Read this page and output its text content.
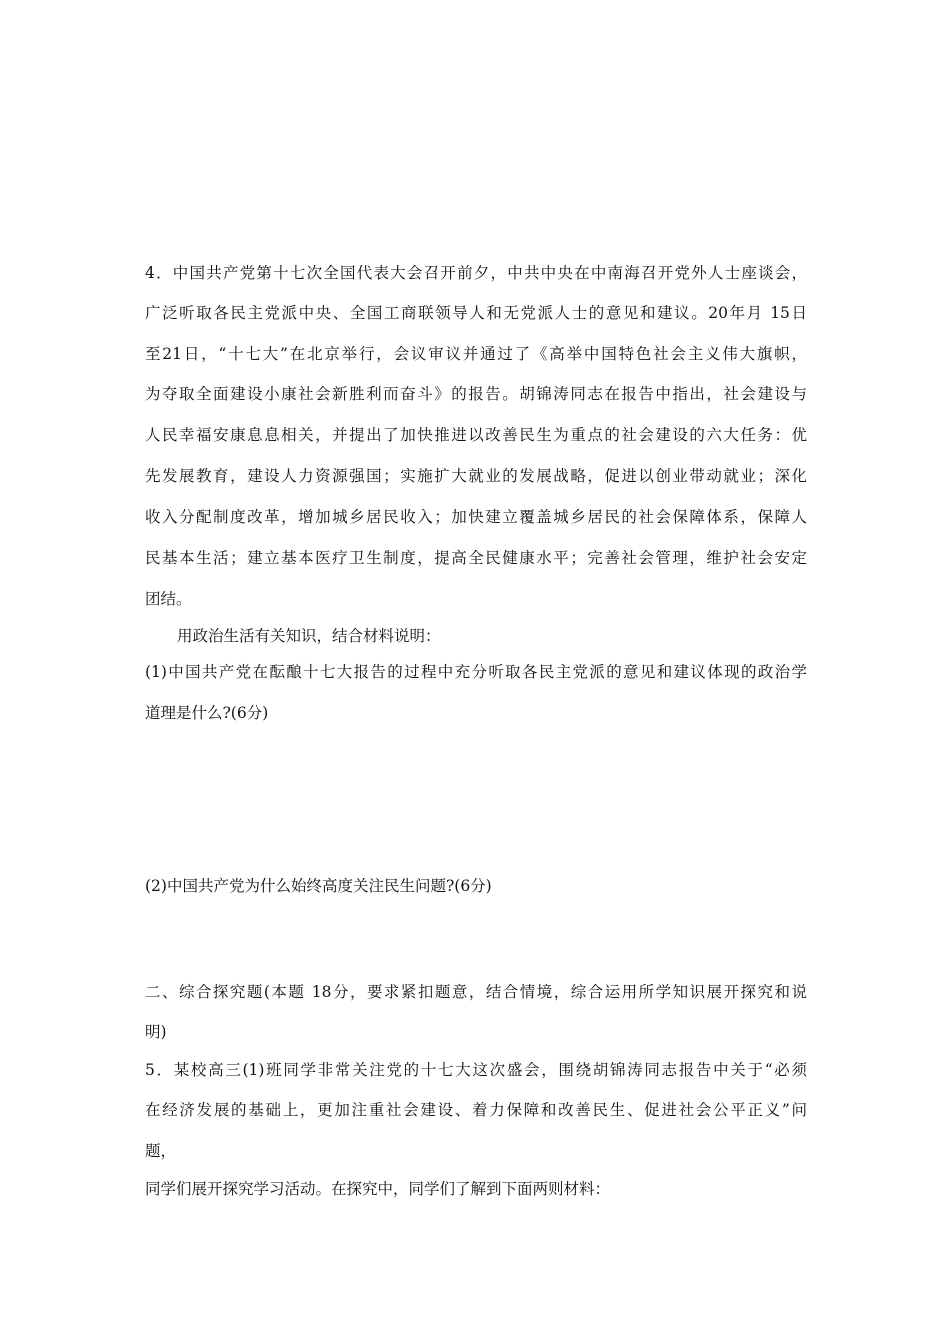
4．中国共产党第十七次全国代表大会召开前夕，中共中央在中南海召开党外人士座谈会，
广泛听取各民主党派中央、全国工商联领导人和无党派人士的意见和建议。20年月 15日
至21日，“十七大”在北京举行，会议审议并通过了《高举中国特色社会主义伟大旗帜，
为夺取全面建设小康社会新胜利而奋斗》的报告。胡锦涛同志在报告中指出，社会建设与
人民幸福安康息息相关，并提出了加快推进以改善民生为重点的社会建设的六大任务：优
先发展教育，建设人力资源强国；实施扩大就业的发展战略，促进以创业带动就业；深化
收入分配制度改革，增加城乡居民收入；加快建立覆盖城乡居民的社会保障体系，保障人
民基本生活；建立基本医疗卫生制度，提高全民健康水平；完善社会管理，维护社会安定
团结。
用政治生活有关知识，结合材料说明：
(1)中国共产党在酝酿十七大报告的过程中充分听取各民主党派的意见和建议体现的政治学
道理是什么?(6分)
(2)中国共产党为什么始终高度关注民生问题?(6分)
二、综合探究题(本题 18分，要求紧扣题意，结合情境，综合运用所学知识展开探究和说
明)
5．某校高三(1)班同学非常关注党的十七大这次盛会，围绕胡锦涛同志报告中关于“必须
在经济发展的基础上，更加注重社会建设、着力保障和改善民生、促进社会公平正义”问
题，
同学们展开探究学习活动。在探究中，同学们了解到下面两则材料：
